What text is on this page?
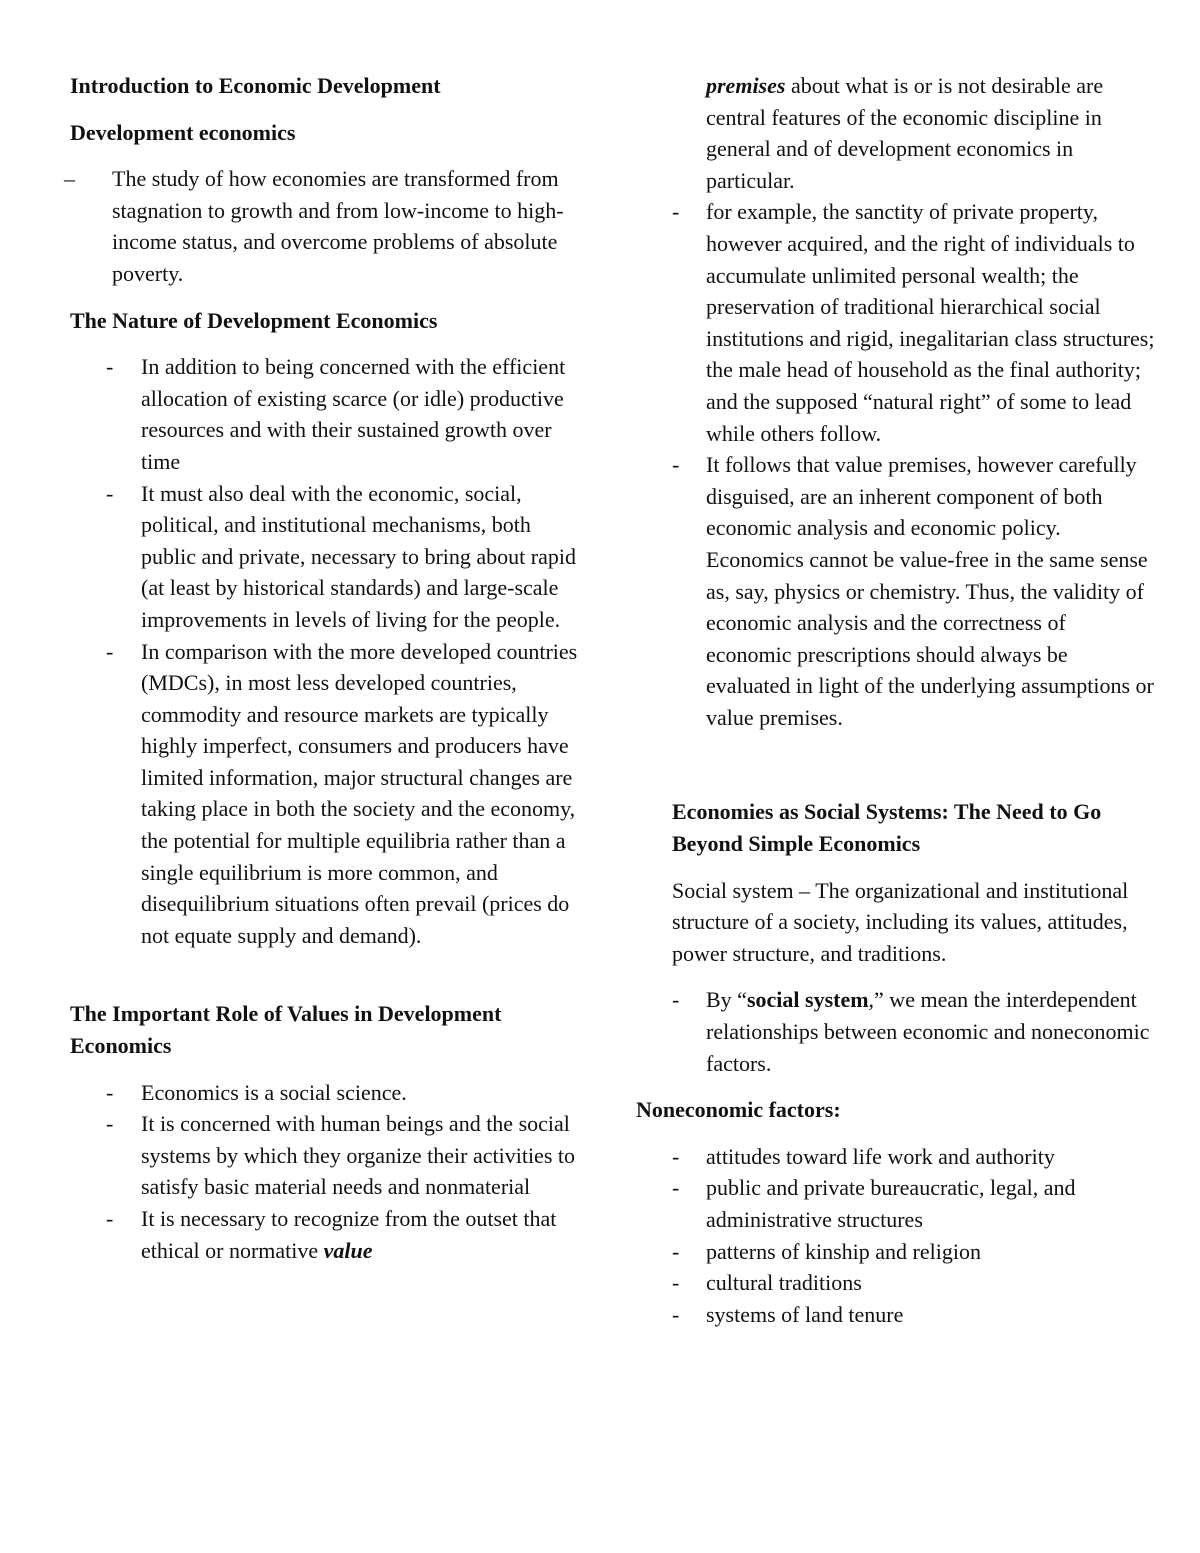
Introduction to Economic Development

Development economics

– The study of how economies are transformed from stagnation to growth and from low-income to high-income status, and overcome problems of absolute poverty.

The Nature of Development Economics

- In addition to being concerned with the efficient allocation of existing scarce (or idle) productive resources and with their sustained growth over time
- It must also deal with the economic, social, political, and institutional mechanisms, both public and private, necessary to bring about rapid (at least by historical standards) and large-scale improvements in levels of living for the people.
- In comparison with the more developed countries (MDCs), in most less developed countries, commodity and resource markets are typically highly imperfect, consumers and producers have limited information, major structural changes are taking place in both the society and the economy, the potential for multiple equilibria rather than a single equilibrium is more common, and disequilibrium situations often prevail (prices do not equate supply and demand).

The Important Role of Values in Development Economics

- Economics is a social science.
- It is concerned with human beings and the social systems by which they organize their activities to satisfy basic material needs and nonmaterial
- It is necessary to recognize from the outset that ethical or normative value
premises about what is or is not desirable are central features of the economic discipline in general and of development economics in particular.
- for example, the sanctity of private property, however acquired, and the right of individuals to accumulate unlimited personal wealth; the preservation of traditional hierarchical social institutions and rigid, inegalitarian class structures; the male head of household as the final authority; and the supposed “natural right” of some to lead while others follow.
- It follows that value premises, however carefully disguised, are an inherent component of both economic analysis and economic policy. Economics cannot be value-free in the same sense as, say, physics or chemistry. Thus, the validity of economic analysis and the correctness of economic prescriptions should always be evaluated in light of the underlying assumptions or value premises.

Economies as Social Systems: The Need to Go Beyond Simple Economics

Social system – The organizational and institutional structure of a society, including its values, attitudes, power structure, and traditions.

- By “social system,” we mean the interdependent relationships between economic and noneconomic factors.

Noneconomic factors:

- attitudes toward life work and authority
- public and private bureaucratic, legal, and administrative structures
- patterns of kinship and religion
- cultural traditions
- systems of land tenure
